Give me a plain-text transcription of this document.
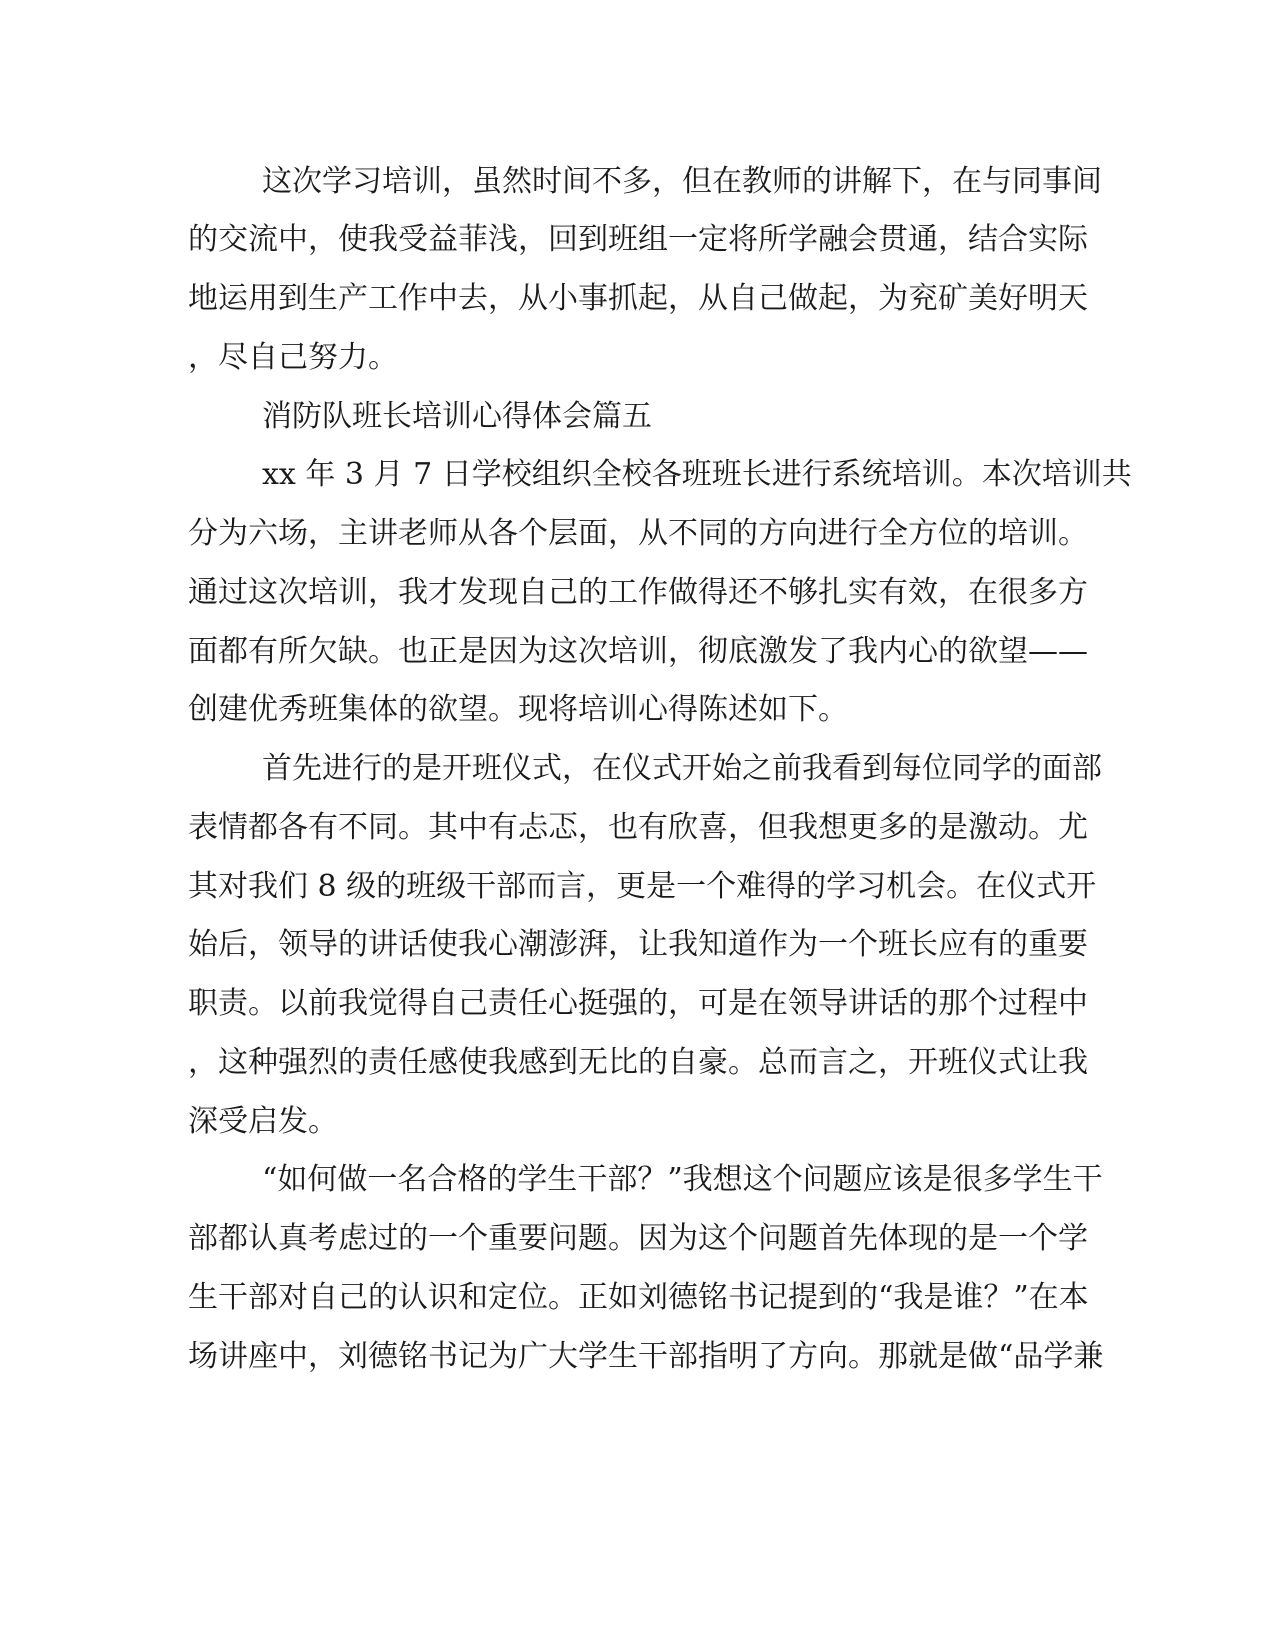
这次学习培训，虽然时间不多，但在教师的讲解下，在与同事间
的交流中，使我受益菲浅，回到班组一定将所学融会贯通，结合实际
地运用到生产工作中去，从小事抓起，从自己做起，为兖矿美好明天
，尽自己努力。
消防队班长培训心得体会篇五
xx 年 3 月 7 日学校组织全校各班班长进行系统培训。本次培训共
分为六场，主讲老师从各个层面，从不同的方向进行全方位的培训。
通过这次培训，我才发现自己的工作做得还不够扎实有效，在很多方
面都有所欠缺。也正是因为这次培训，彻底激发了我内心的欲望——
创建优秀班集体的欲望。现将培训心得陈述如下。
首先进行的是开班仪式，在仪式开始之前我看到每位同学的面部
表情都各有不同。其中有忐忑，也有欣喜，但我想更多的是激动。尤
其对我们 8 级的班级干部而言，更是一个难得的学习机会。在仪式开
始后，领导的讲话使我心潮澎湃，让我知道作为一个班长应有的重要
职责。以前我觉得自己责任心挺强的，可是在领导讲话的那个过程中
，这种强烈的责任感使我感到无比的自豪。总而言之，开班仪式让我
深受启发。
“如何做一名合格的学生干部？”我想这个问题应该是很多学生干
部都认真考虑过的一个重要问题。因为这个问题首先体现的是一个学
生干部对自己的认识和定位。正如刘德铭书记提到的“我是谁？”在本
场讲座中，刘德铭书记为广大学生干部指明了方向。那就是做“品学兼
